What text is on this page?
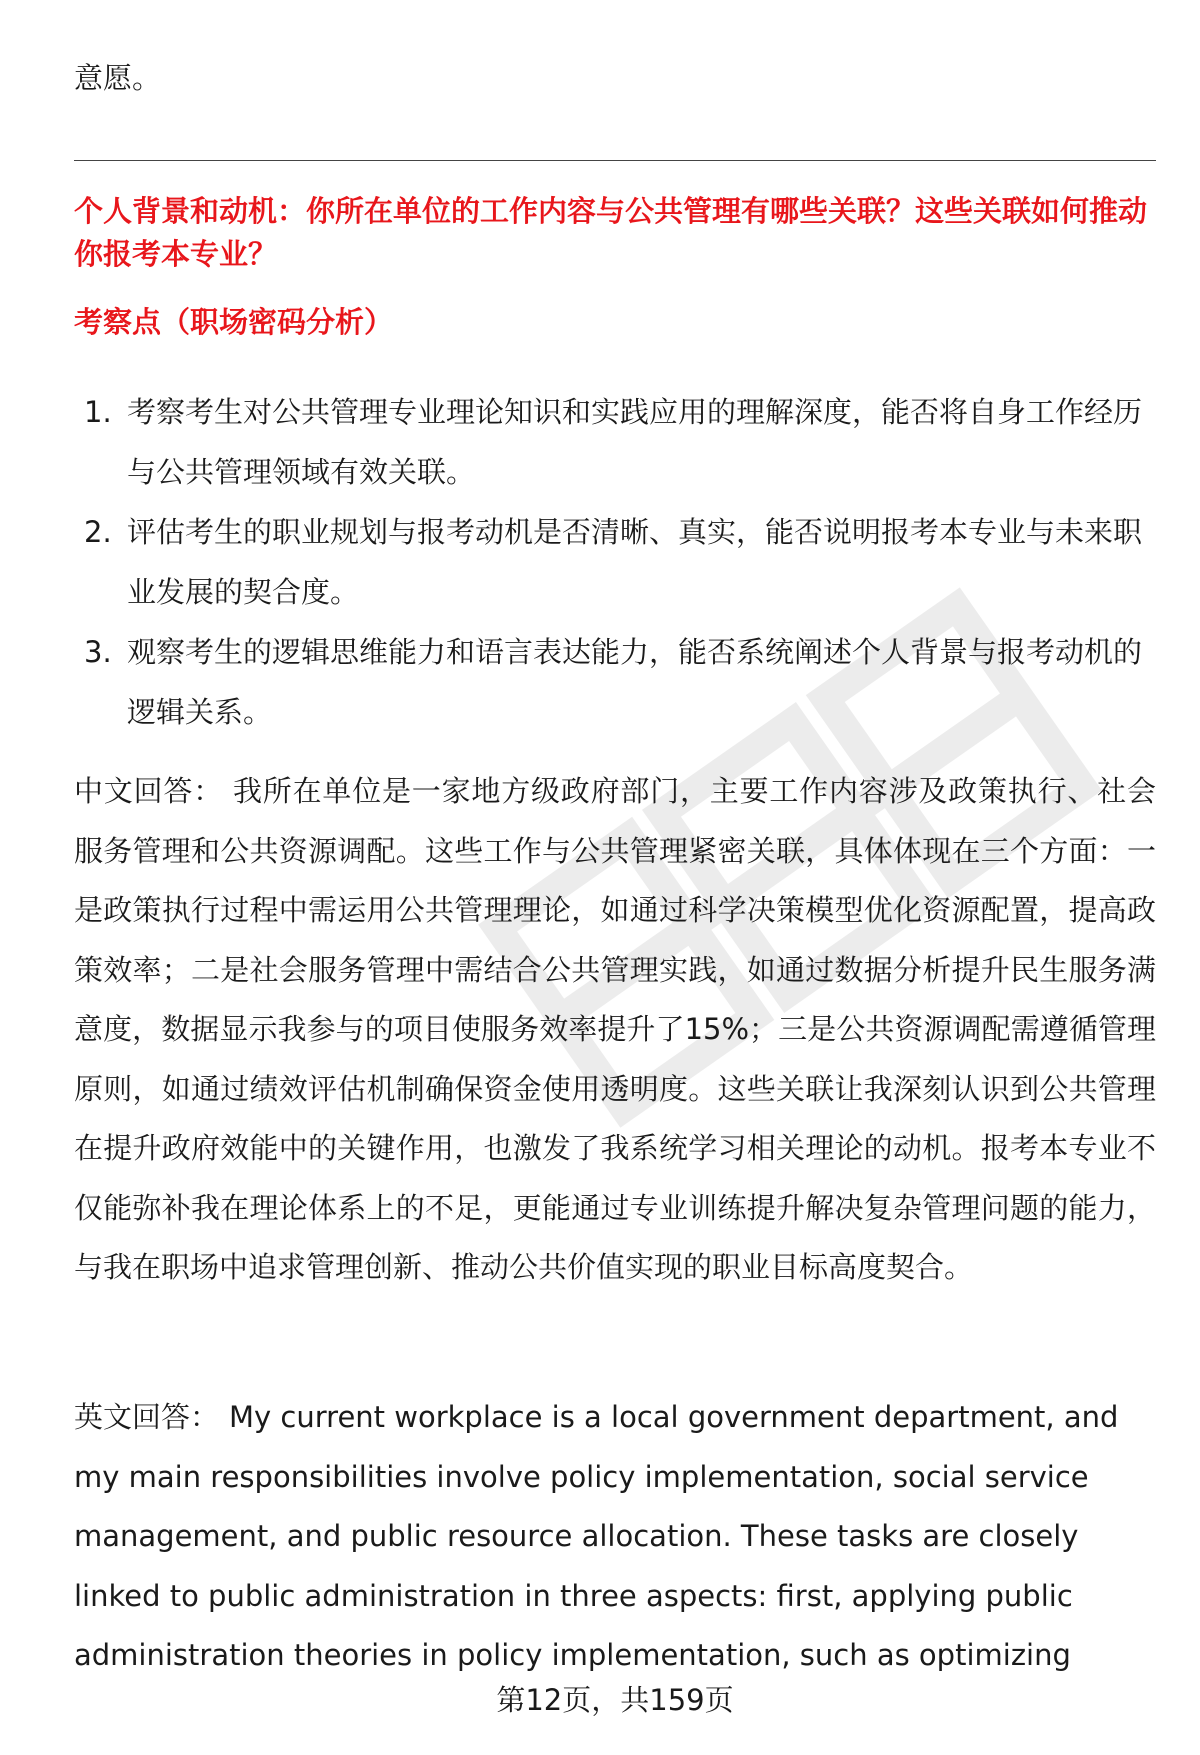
意愿。

个人背景和动机：你所在单位的工作内容与公共管理有哪些关联？这些关联如何推动你报考本专业？

考察点（职场密码分析）
1. 考察考生对公共管理专业理论知识和实践应用的理解深度，能否将自身工作经历与公共管理领域有效关联。
2. 评估考生的职业规划与报考动机是否清晰、真实，能否说明报考本专业与未来职业发展的契合度。
3. 观察考生的逻辑思维能力和语言表达能力，能否系统阐述个人背景与报考动机的逻辑关系。

中文回答： 我所在单位是一家地方级政府部门，主要工作内容涉及政策执行、社会服务管理和公共资源调配。这些工作与公共管理紧密关联，具体体现在三个方面：一是政策执行过程中需运用公共管理理论，如通过科学决策模型优化资源配置，提高政策效率；二是社会服务管理中需结合公共管理实践，如通过数据分析提升民生服务满意度，数据显示我参与的项目使服务效率提升了15%；三是公共资源调配需遵循管理原则，如通过绩效评估机制确保资金使用透明度。这些关联让我深刻认识到公共管理在提升政府效能中的关键作用，也激发了我系统学习相关理论的动机。报考本专业不仅能弥补我在理论体系上的不足，更能通过专业训练提升解决复杂管理问题的能力，与我在职场中追求管理创新、推动公共价值实现的职业目标高度契合。

英文回答： My current workplace is a local government department, and my main responsibilities involve policy implementation, social service management, and public resource allocation. These tasks are closely linked to public administration in three aspects: first, applying public administration theories in policy implementation, such as optimizing

第12页，共159页
